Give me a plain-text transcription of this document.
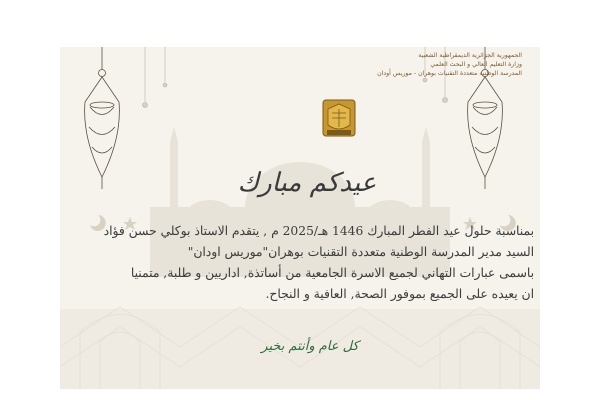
الجمهورية الجزائرية الديمقراطية الشعبية
وزارة التعليم العالي و البحث العلمي
المدرسة الوطنية متعددة التقنيات بوهران - موريس أودان
عيدكم مبارك
بمناسبة حلول عيد الفطر المبارك 1446 هـ/2025 م , يتقدم الاستاذ بوكلي حسن فؤاد
السيد مدير المدرسة الوطنية متعددة التقنيات بوهران"موريس اودان"
باسمى عبارات التهاني لجميع الاسرة الجامعية من أساتذة, اداريين و طلبة, متمنيا
ان يعيده على الجميع بموفور الصحة, العافية و النجاح.
كل عام وأنتم بخير
